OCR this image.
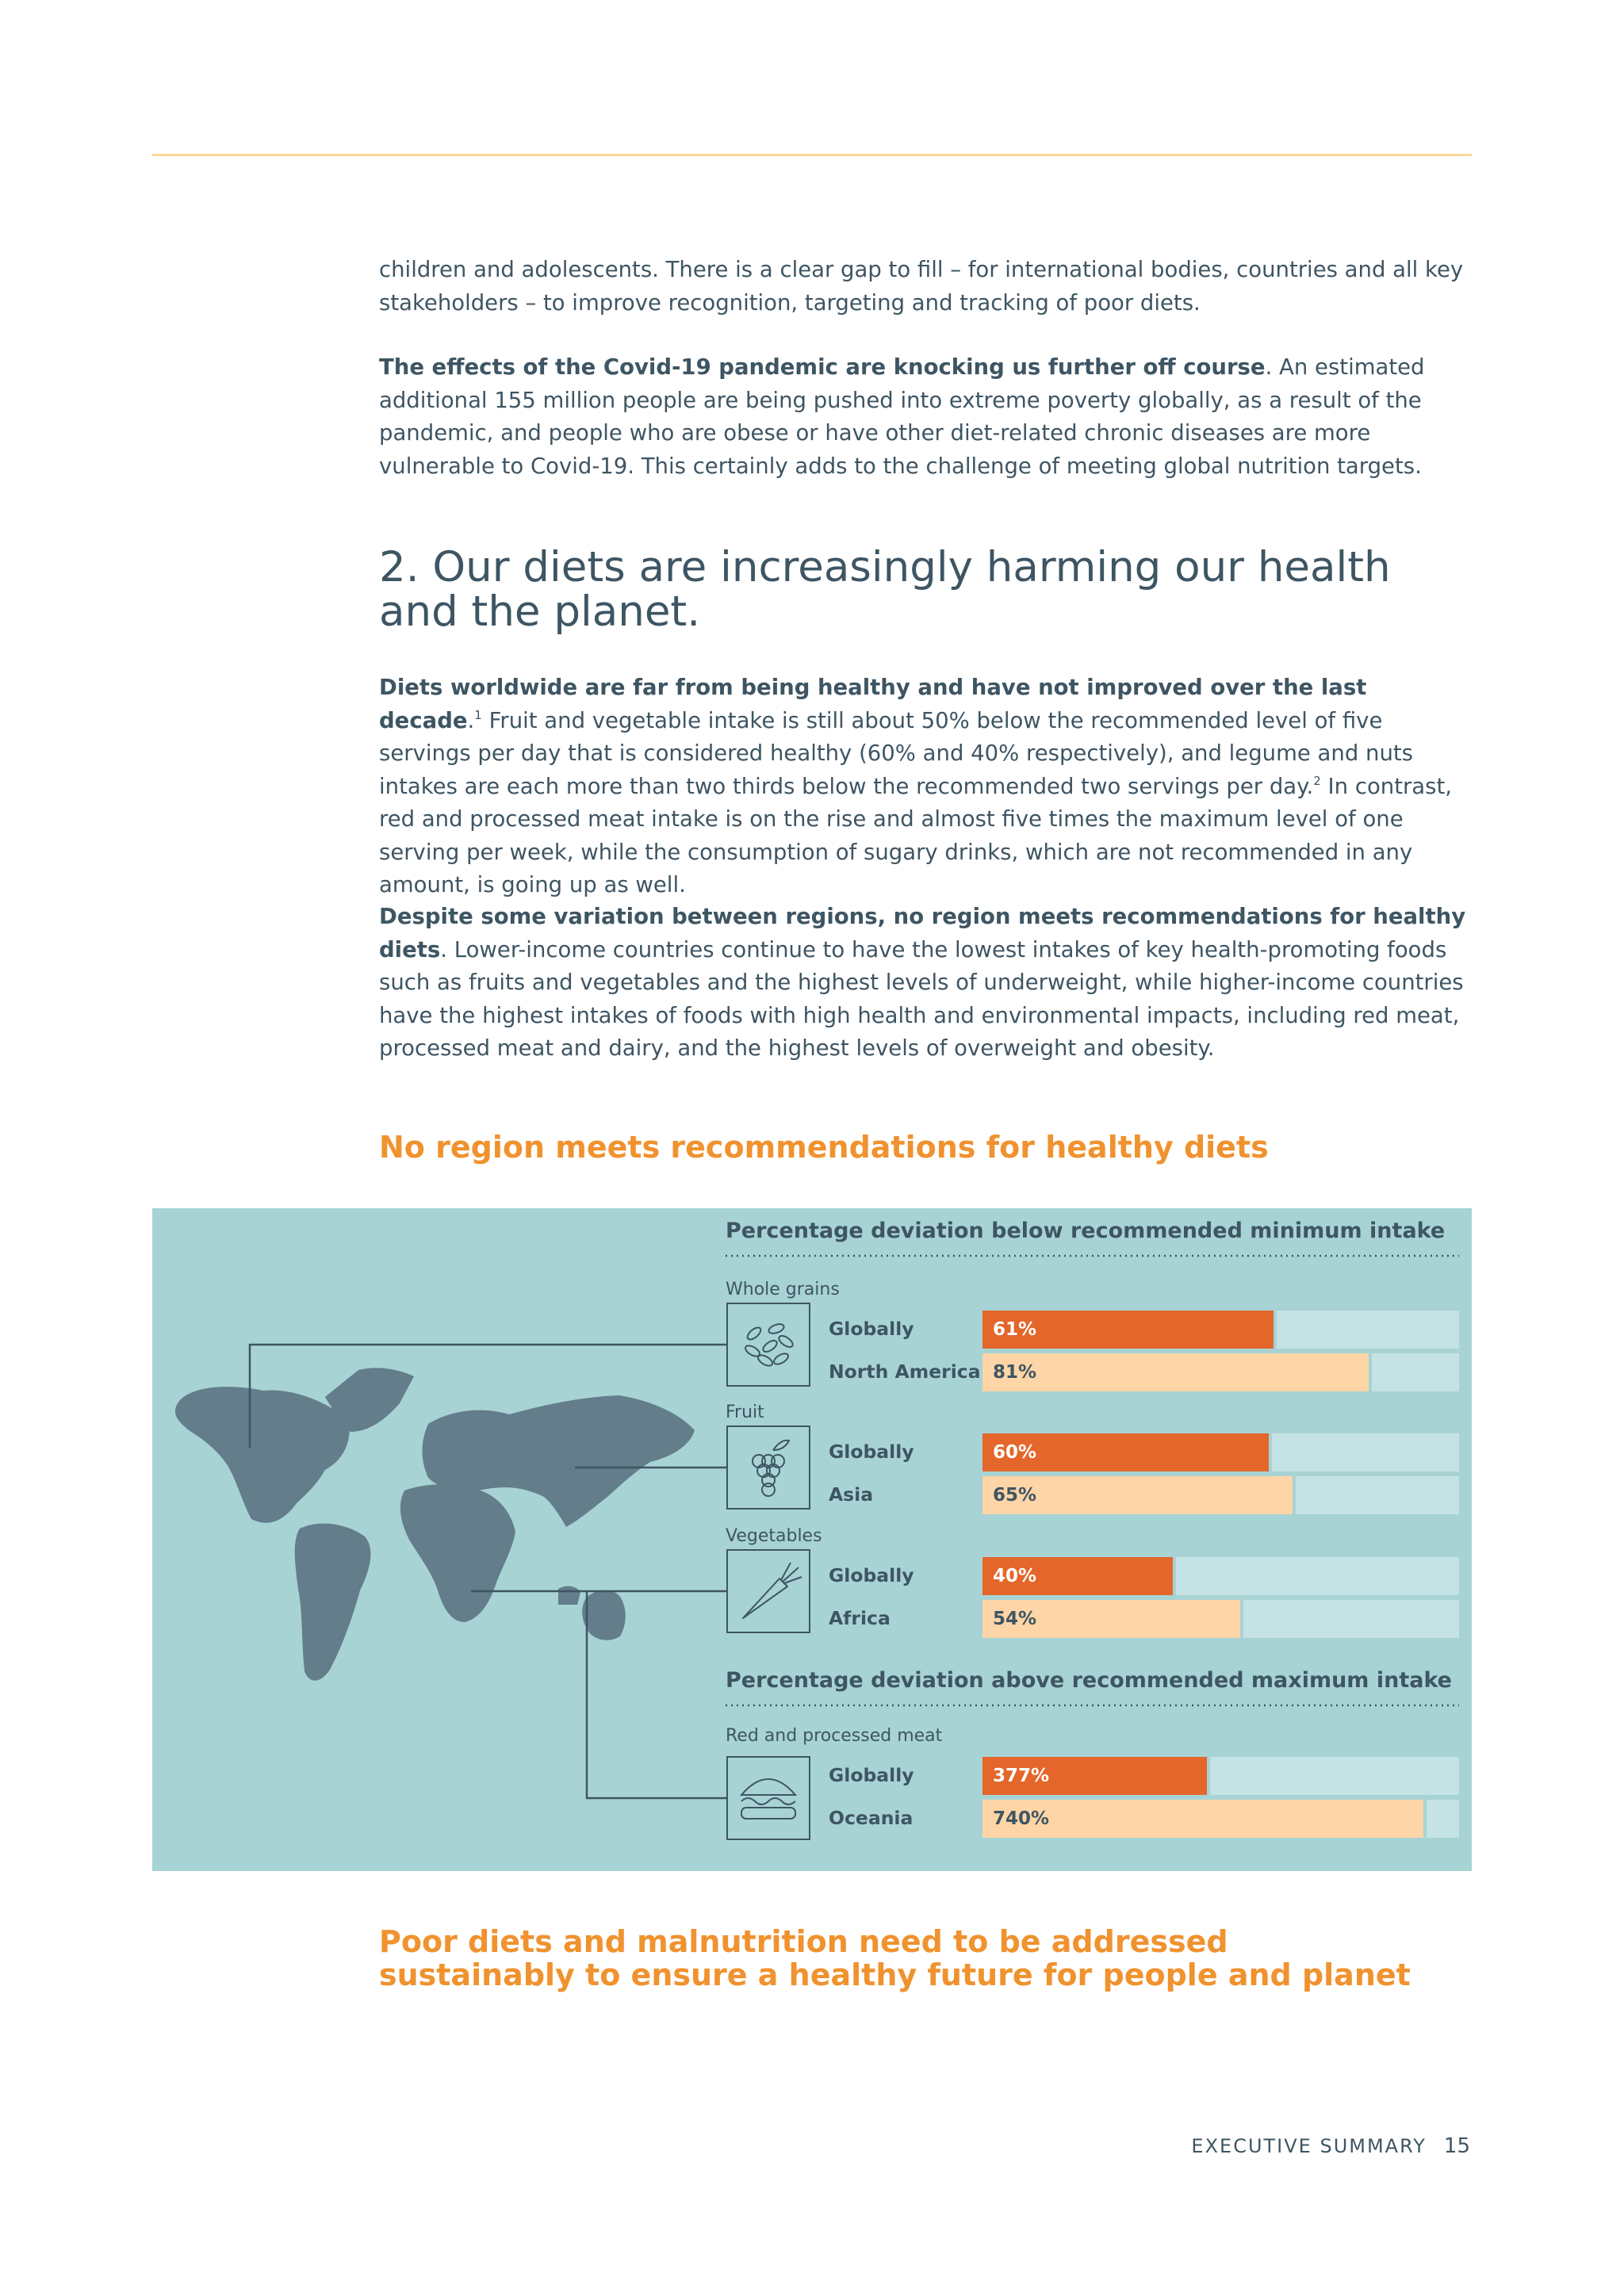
children and adolescents. There is a clear gap to fill – for international bodies, countries and all key stakeholders – to improve recognition, targeting and tracking of poor diets.

The effects of the Covid-19 pandemic are knocking us further off course. An estimated additional 155 million people are being pushed into extreme poverty globally, as a result of the pandemic, and people who are obese or have other diet-related chronic diseases are more vulnerable to Covid-19. This certainly adds to the challenge of meeting global nutrition targets.

2. Our diets are increasingly harming our health and the planet.

Diets worldwide are far from being healthy and have not improved over the last decade.$^1$ Fruit and vegetable intake is still about 50% below the recommended level of five servings per day that is considered healthy (60% and 40% respectively), and legume and nuts intakes are each more than two thirds below the recommended two servings per day.$^2$ In contrast, red and processed meat intake is on the rise and almost five times the maximum level of one serving per week, while the consumption of sugary drinks, which are not recommended in any amount, is going up as well.

Despite some variation between regions, no region meets recommendations for healthy diets. Lower-income countries continue to have the lowest intakes of key health-promoting foods such as fruits and vegetables and the highest levels of underweight, while higher-income countries have the highest intakes of foods with high health and environmental impacts, including red meat, processed meat and dairy, and the highest levels of overweight and obesity.

No region meets recommendations for healthy diets
Percentage deviation below recommended minimum intake
Whole grains
Globally	61%
North America 81%
Fruit
Globally	60%
Asia	65%
Vegetables
Globally	40%
Africa	54%
Percentage deviation above recommended maximum intake
Red and processed meat
Globally	377%
Oceania	740%
Poor diets and malnutrition need to be addressed sustainably to ensure a healthy future for people and planet
EXECUTIVE SUMMARY 15
